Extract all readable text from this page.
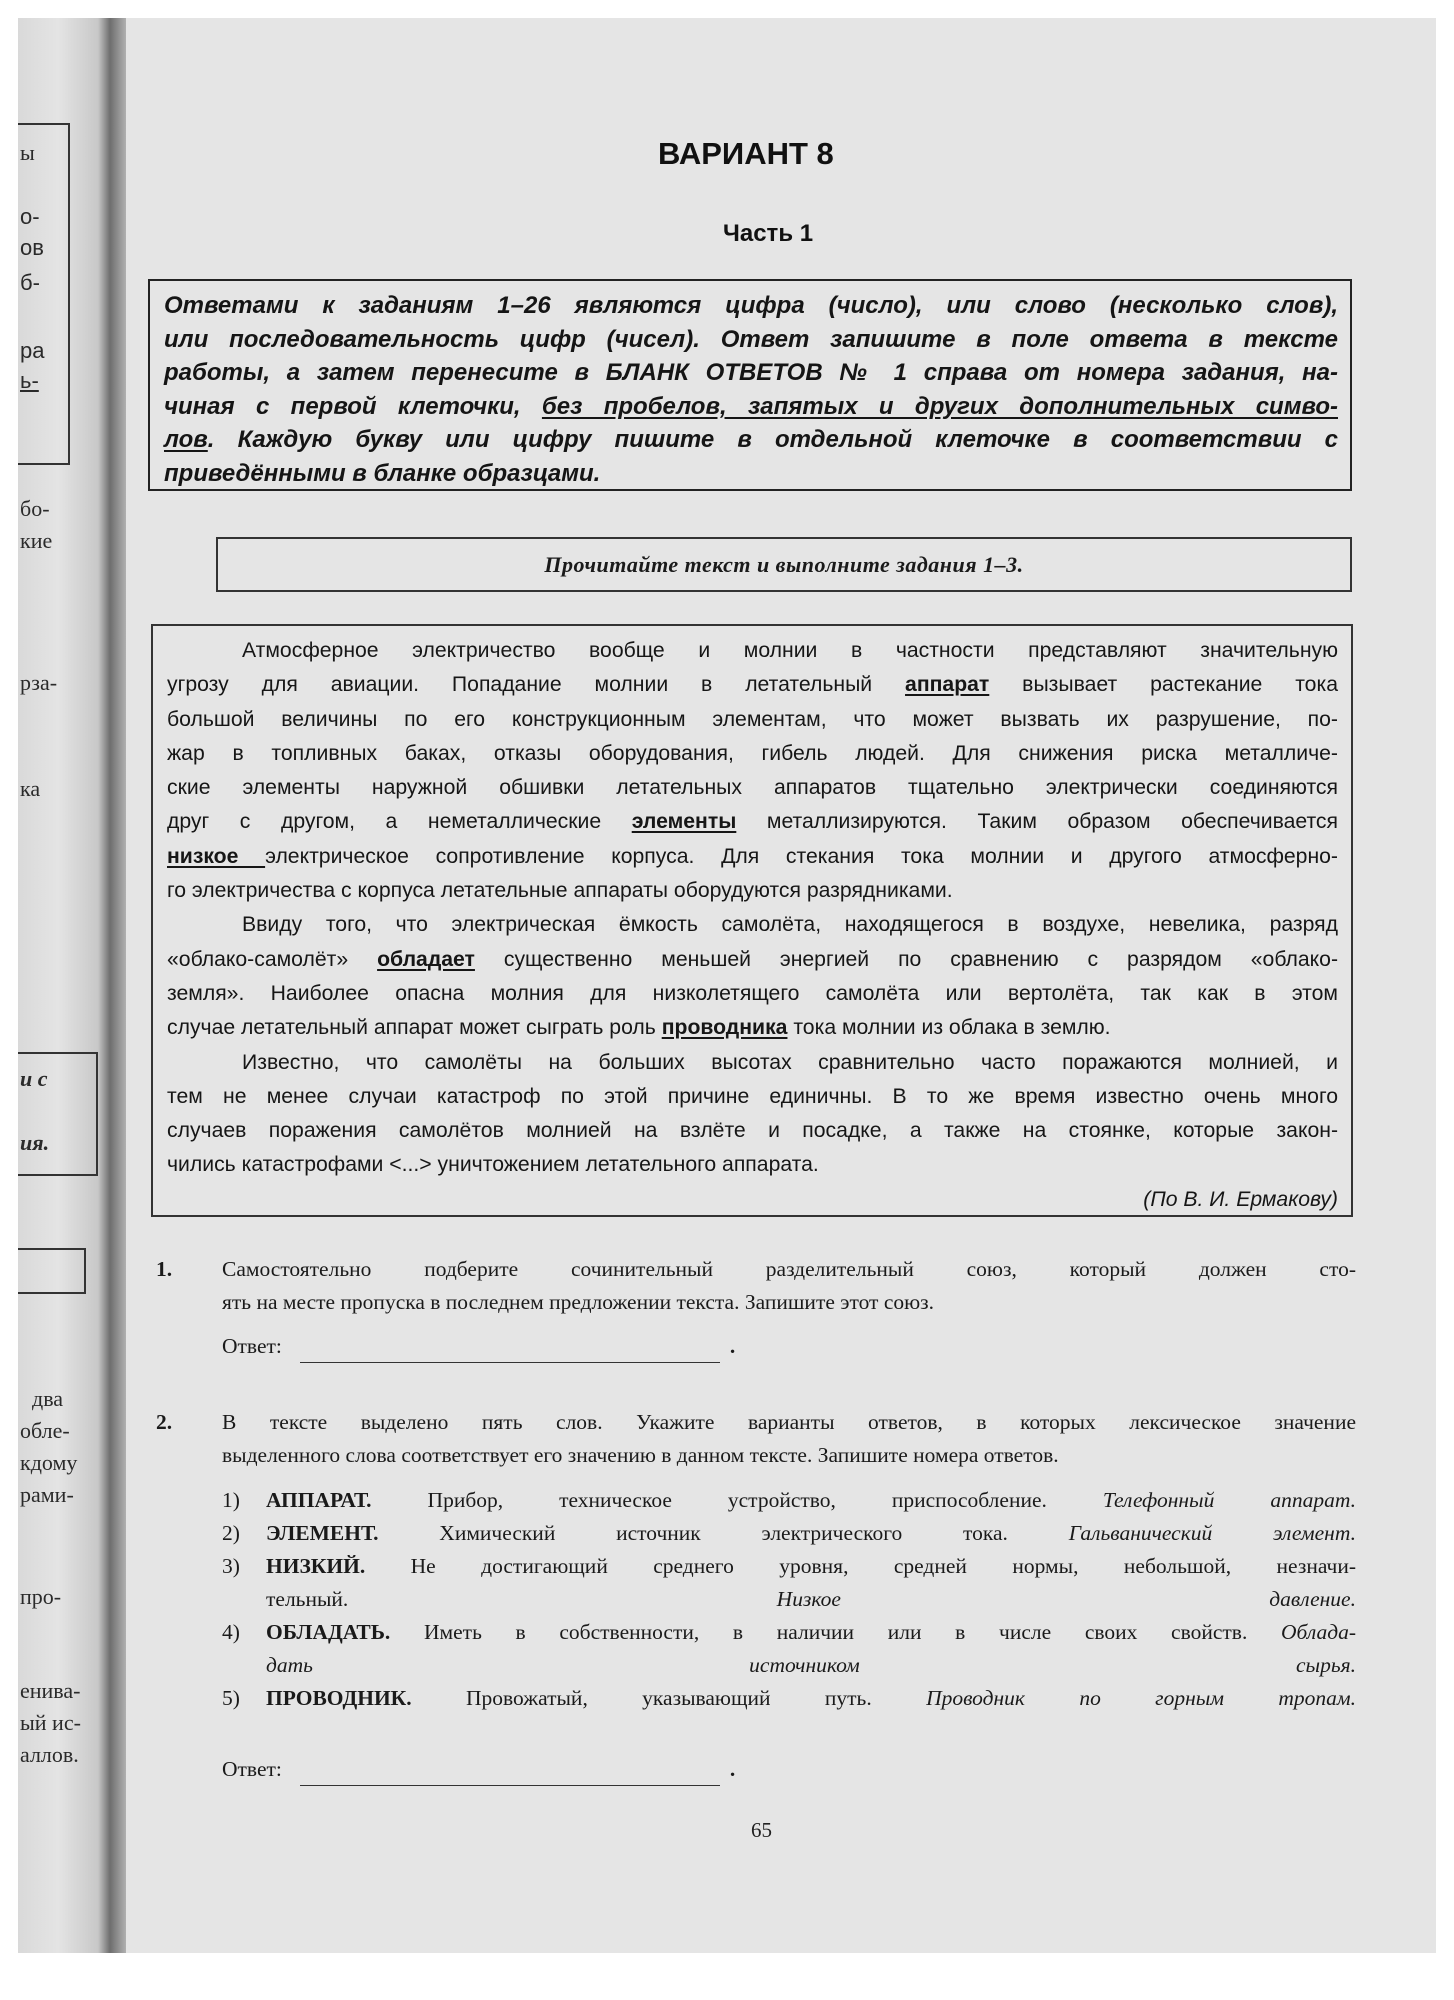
ы
о-
ов
б-
ра
ь-
бо-
кие
рза-
ка
и с
ия.
два
обле-
кдому
рами-
про-
енива-
ый ис-
аллов.
ВАРИАНТ 8
Часть 1
Ответами к заданиям 1–26 являются цифра (число), или слово (несколько слов),
или последовательность цифр (чисел). Ответ запишите в поле ответа в тексте
работы, а затем перенесите в БЛАНК ОТВЕТОВ № 1 справа от номера задания, на-
чиная с первой клеточки, без пробелов, запятых и других дополнительных симво-
лов. Каждую букву или цифру пишите в отдельной клеточке в соответствии с
приведёнными в бланке образцами.
Прочитайте текст и выполните задания 1–3.
Атмосферное электричество вообще и молнии в частности представляют значительную
угрозу для авиации. Попадание молнии в летательный аппарат вызывает растекание тока
большой величины по его конструкционным элементам, что может вызвать их разрушение, по-
жар в топливных баках, отказы оборудования, гибель людей. Для снижения риска металличе-
ские элементы наружной обшивки летательных аппаратов тщательно электрически соединяются
друг с другом, а неметаллические элементы металлизируются. Таким образом обеспечивается
низкое электрическое сопротивление корпуса. Для стекания тока молнии и другого атмосферно-
го электричества с корпуса летательные аппараты оборудуются разрядниками.
Ввиду того, что электрическая ёмкость самолёта, находящегося в воздухе, невелика, разряд
«облако-самолёт» обладает существенно меньшей энергией по сравнению с разрядом «облако-
земля». Наиболее опасна молния для низколетящего самолёта или вертолёта, так как в этом
случае летательный аппарат может сыграть роль проводника тока молнии из облака в землю.
Известно, что самолёты на больших высотах сравнительно часто поражаются молнией, и
тем не менее случаи катастроф по этой причине единичны. В то же время известно очень много
случаев поражения самолётов молнией на взлёте и посадке, а также на стоянке, которые закон-
чились катастрофами <...> уничтожением летательного аппарата.
(По В. И. Ермакову)
1. Самостоятельно подберите сочинительный разделительный союз, который должен сто-
ять на месте пропуска в последнем предложении текста. Запишите этот союз.
Ответ:	.
2. В тексте выделено пять слов. Укажите варианты ответов, в которых лексическое значение
выделенного слова соответствует его значению в данном тексте. Запишите номера ответов.
1) АППАРАТ. Прибор, техническое устройство, приспособление. Телефонный аппарат.
2) ЭЛЕМЕНТ. Химический источник электрического тока. Гальванический элемент.
3) НИЗКИЙ. Не достигающий среднего уровня, средней нормы, небольшой, незначи-
тельный. Низкое давление.
4) ОБЛАДАТЬ. Иметь в собственности, в наличии или в числе своих свойств. Облада-
дать источником сырья.
5) ПРОВОДНИК. Провожатый, указывающий путь. Проводник по горным тропам.
Ответ:	.
65
